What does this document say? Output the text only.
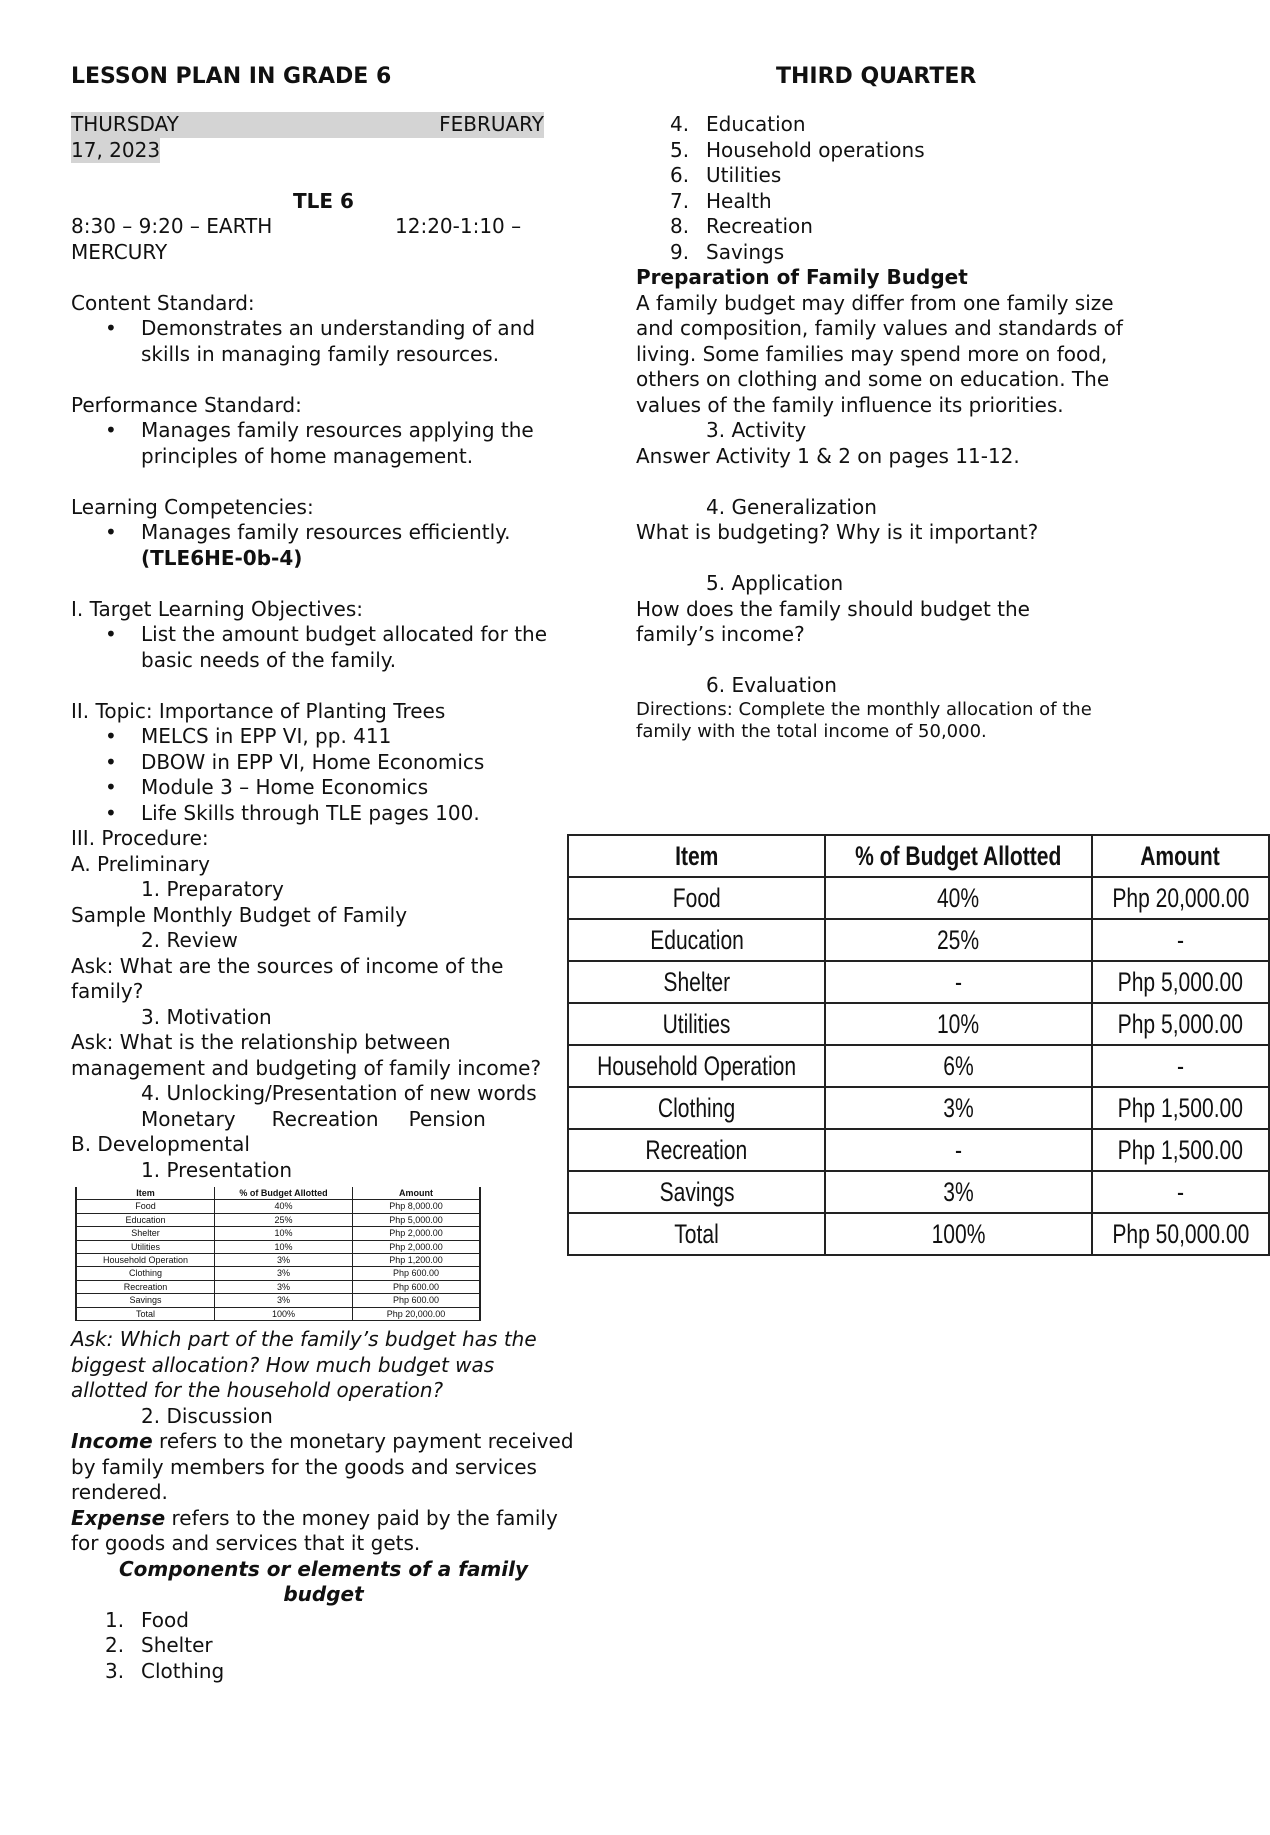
LESSON PLAN IN GRADE 6
THURSDAY	FEBRUARY
17, 2023
TLE 6
8:30 – 9:20 – EARTH	12:20-1:10 –
MERCURY
Content Standard:
• Demonstrates an understanding of and skills in managing family resources.
Performance Standard:
• Manages family resources applying the principles of home management.
Learning Competencies:
• Manages family resources efficiently.
(TLE6HE-0b-4)
I. Target Learning Objectives:
• List the amount budget allocated for the basic needs of the family.
II. Topic: Importance of Planting Trees
• MELCS in EPP VI, pp. 411
• DBOW in EPP VI, Home Economics
• Module 3 – Home Economics
• Life Skills through TLE pages 100.
III. Procedure:
A. Preliminary
1. Preparatory
Sample Monthly Budget of Family
2. Review
Ask: What are the sources of income of the family?
3. Motivation
Ask: What is the relationship between management and budgeting of family income?
4. Unlocking/Presentation of new words
Monetary Recreation Pension
B. Developmental
1. Presentation
Item	% of Budget Allotted	Amount
Food	40%	Php 8,000.00
Education	25%	Php 5,000.00
Shelter	10%	Php 2,000.00
Utilities	10%	Php 2,000.00
Household Operation	3%	Php 1,200.00
Clothing	3%	Php 600.00
Recreation	3%	Php 600.00
Savings	3%	Php 600.00
Total	100%	Php 20,000.00
Ask: Which part of the family’s budget has the biggest allocation? How much budget was allotted for the household operation?
2. Discussion
Income refers to the monetary payment received by family members for the goods and services rendered.
Expense refers to the money paid by the family for goods and services that it gets.
Components or elements of a family budget
1. Food
2. Shelter
3. Clothing
THIRD QUARTER
4. Education
5. Household operations
6. Utilities
7. Health
8. Recreation
9. Savings
Preparation of Family Budget
A family budget may differ from one family size and composition, family values and standards of living. Some families may spend more on food, others on clothing and some on education. The values of the family influence its priorities.
3. Activity
Answer Activity 1 & 2 on pages 11-12.
4. Generalization
What is budgeting? Why is it important?
5. Application
How does the family should budget the family’s income?
6. Evaluation
Directions: Complete the monthly allocation of the family with the total income of 50,000.
Item	% of Budget Allotted	Amount
Food	40%	Php 20,000.00
Education	25%	-
Shelter	-	Php 5,000.00
Utilities	10%	Php 5,000.00
Household Operation	6%	-
Clothing	3%	Php 1,500.00
Recreation	-	Php 1,500.00
Savings	3%	-
Total	100%	Php 50,000.00
